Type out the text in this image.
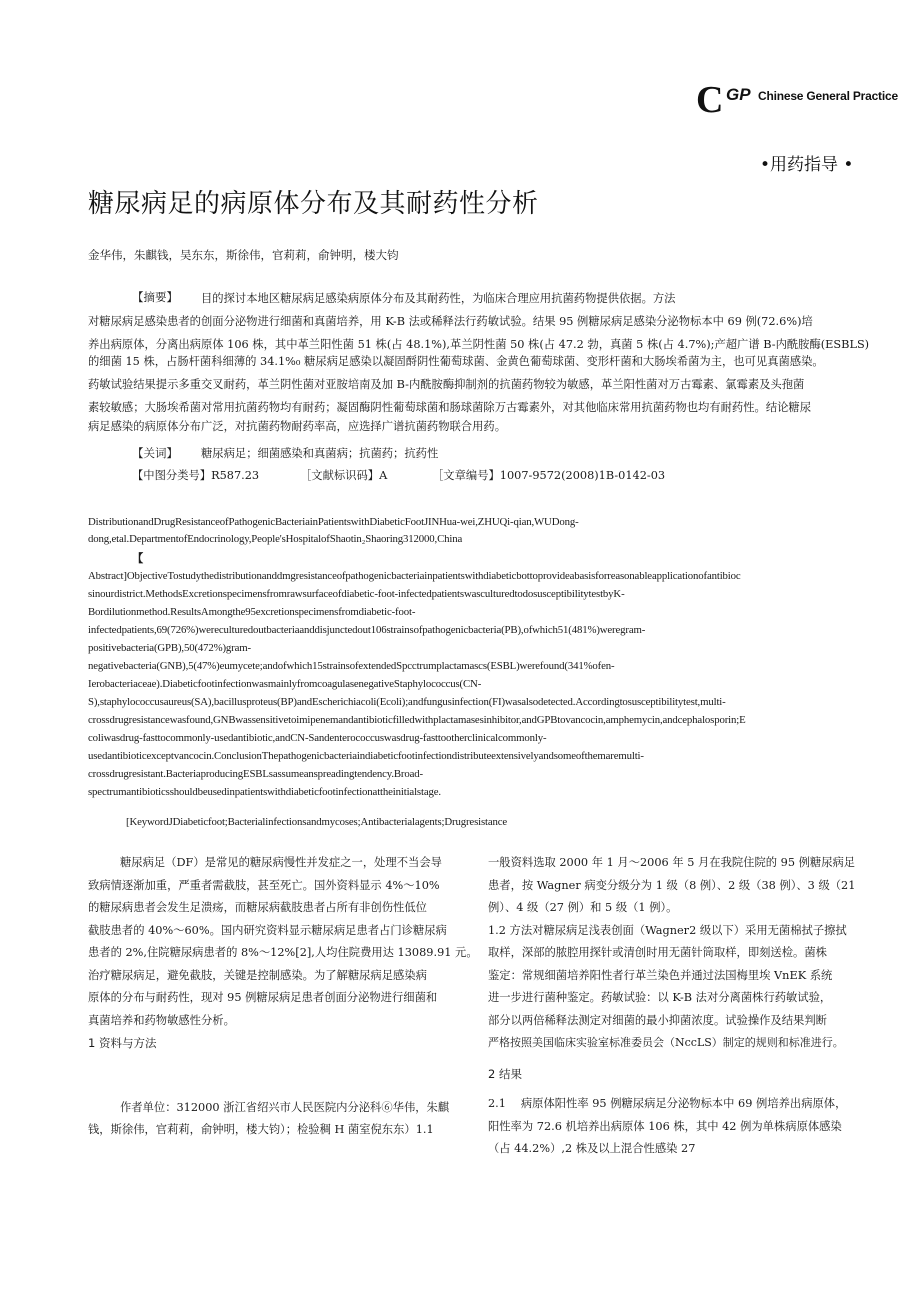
C GP Chinese General Practice
•用药指导 •
糖尿病足的病原体分布及其耐药性分析
金华伟，朱麒钱，吴东东，斯徐伟，官莉莉，俞钟明，楼大钧
【摘要】 目的探讨本地区糖尿病足感染病原体分布及其耐药性，为临床合理应用抗菌药物提供依据。方法
对糖尿病足感染患者的创面分泌物进行细菌和真菌培养，用 K-B 法或稀释法行药敏试验。结果 95 例糖尿病足感染分泌物标本中 69 例(72.6%)培
养出病原体，分离出病原体 106 株，其中革兰阳性菌 51 株(占 48.1%),革兰阴性菌 50 株(占 47.2 勃，真菌 5 株(占 4.7%);产超广谱 B-内酰胺酶(ESBLS)
的细菌 15 株，占肠杆菌科细薄的 34.1%₀ 糖尿病足感染以凝固酹阴性葡萄球菌、金黄色葡萄球菌、变形杆菌和大肠埃希菌为主，也可见真菌感染。
药敏试验结果提示多重交叉耐药，革兰阴性菌对亚胺培南及加 B-内酰胺酶抑制剂的抗菌药物较为敏感，革兰阳性菌对万古霉素、氯霉素及头孢菌
素较敏感；大肠埃希菌对常用抗菌药物均有耐药；凝固酶阴性葡萄球菌和肠球菌除万古霉素外，对其他临床常用抗菌药物也均有耐药性。结论糖尿
病足感染的病原体分布广泛，对抗菌药物耐药率高，应选择广谱抗菌药物联合用药。
【关词】 糖尿病足；细菌感染和真菌病；抗菌药；抗药性
【中图分类号】R587.23	［文献标识码】A	［文章编号】1007-9572(2008)1B-0142-03
DistributionandDrugResistanceofPathogenicBacteriainPatientswithDiabeticFootJINHua-wei,ZHUQi-qian,WUDong-
dong,etal.DepartmentofEndocrinology,People'sHospitalofShaotin₂Shaoring312000,China
【
Abstract]ObjectiveTostudythedistributionanddmgresistanceofpathogenicbacteriainpatientswithdiabeticbottoprovideabasisforreasonableapplicationofantibioc
sinourdistrict.MethodsExcretionspecimensfromrawsurfaceofdiabetic-foot-infectedpatientswasculturedtodosusceptibilitytestbyK-
Bordilutionmethod.ResultsAmongthe95excretionspecimensfromdiabetic-foot-
infectedpatients,69(726%)wereculturedoutbacteriaanddisjunctedout106strainsofpathogenicbacteria(PB),ofwhich51(481%)weregram-
positivebacteria(GPB),50(472%)gram-
negativebacteria(GNB),5(47%)eumycete;andofwhich15strainsofextendedSpcctrumplactamascs(ESBL)werefound(341%ofen-
Ierobacteriaceae).DiabeticfootinfectionwasmainlyfromcoagulasenegativeStaphylococcus(CN-
S),staphylococcusaureus(SA),bacillusproteus(BP)andEscherichiacoli(Ecoli);andfungusinfection(FI)wasalsodetected.Accordingtosusceptibilitytest,multi-
crossdrugresistancewasfound,GNBwassensitivetoimipenemandantibioticfilledwithplactamasesinhibitor,andGPBtovancocin,amphemycin,andcephalosporin;E
coliwasdrug-fasttocommonly-usedantibiotic,andCN-Sandenterococcuswasdrug-fasttootherclinicalcommonly-
usedantibioticexceptvancocin.ConclusionThepathogenicbacteriaindiabeticfootinfectiondistributeextensivelyandsomeofthemaremulti-
crossdrugresistant.BacteriaproducingESBLsassumeanspreadingtendency.Broad-
spectrumantibioticsshouldbeusedinpatientswithdiabeticfootinfectionattheinitialstage.
[KeywordJDiabeticfoot;Bacterialinfectionsandmycoses;Antibacterialagents;Drugresistance

糖尿病足（DF）是常见的糖尿病慢性并发症之一，处理不当会导

致病情逐渐加重，严重者需截肢，甚至死亡。国外资料显示 4%～10%

的糖尿病患者会发生足溃疡，而糖尿病截肢患者占所有非创伤性低位

截肢患者的 40%～60%。国内研究资料显示糖尿病足患者占门诊糖尿病

患者的 2%,住院糖尿病患者的 8%～12%[2],人均住院费用达 13089.91 元。

治疗糖尿病足，避免截肢，关键是控制感染。为了解糖尿病足感染病

原体的分布与耐药性，现对 95 例糖尿病足患者创面分泌物进行细菌和

真菌培养和药物敏感性分析。

1 资料与方法

作者单位：312000 浙江省绍兴市人民医院内分泌科⑥华伟，朱麒

钱，斯徐伟，官莉莉，俞钟明，楼大钧）；检验稠 H 菌室倪东东）1.1

一般资料选取 2000 年 1 月～2006 年 5 月在我院住院的 95 例糖尿病足

患者，按 Wagner 病变分级分为 1 级（8 例）、2 级（38 例）、3 级（21

例）、4 级（27 例）和 5 级（1 例）。

1.2 方法对糖尿病足浅表创面（Wagner2 级以下）采用无菌棉拭子擦拭

取样，深部的脓腔用探针或清创时用无菌针筒取样，即刻送检。菌株

鉴定：常规细菌培养阳性者行革兰染色并通过法国梅里埃 VnEK 系统

进一步进行菌种鉴定。药敏试验：以 K-B 法对分离菌株行药敏试验，

部分以两倍稀释法测定对细菌的最小抑菌浓度。试验操作及结果判断

严格按照美国临床实验室标准委员会（NccLS）制定的规则和标准进行。

2 结果

2.1　 病原体阳性率 95 例糖尿病足分泌物标本中 69 例培养出病原体，

阳性率为 72.6 机培养出病原体 106 株，其中 42 例为单株病原体感染

（占 44.2%）,2 株及以上混合性感染 27
